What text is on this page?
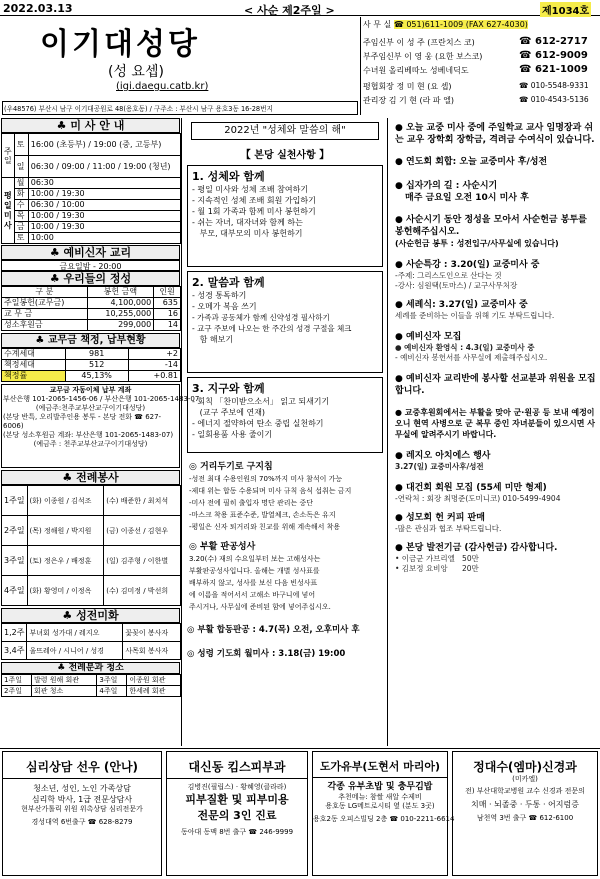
2022.03.13	< 사순 제2주일 >	제1034호
이기대성당
(성 요셉)
(igi.daegu.catb.kr)
(우48576) 부산시 남구 이기대공원로 48(용호동) / 구주소 : 부산시 남구 용호3동 16-28번지
사 무 실 ☎ 051)611-1009 (FAX 627-4030)
주임신부 이 성 주 (프란치스 코)	☎ 612-2717
부주임신부 이 영 웅 (요한 보스코)	☎ 612-9009
수녀원 올리베따노 성베네딕도	☎ 621-1009
평협회장 정 미 현 (요 셉)	☎ 010-5548-9331
관리장 김 기 현 (라 파 엘)	☎ 010-4543-5136
♣ 미 사 안 내
주일	토	16:00 (초등부) / 19:00 (중, 고등부)
	일	06:30 / 09:00 / 11:00 / 19:00 (청년)
평일미사	월	06:30
	화	10:00 / 19:30
	수	06:30 / 10:00
	목	10:00 / 19:30
	금	10:00 / 19:30
	토	10:00
♣ 예비신자 교리
금요일밤 - 20:00
♣ 우리들의 정성
구 분	봉헌 금액	인원
주일봉헌(교무금)	4,100,000	635
교 무 금	10,255,000	16
성소후원금	299,000	14
♣ 교무금 책정, 납부현황
수계세대	981	+2
책정세대	512	-14
책정률	45,13%	+0.81
교무금 자동이체 납부 계좌
부산은행 101-2065-1456-06 / 부산은행 101-2065-1483-07
(예금주:천주교부산교구이기대성당)
(본당 반특, 오리발주인용 봉투 - 본당 전화 ☎ 627-6006)
(본당 성소후원금 계좌: 부산은행 101-2065-1483-07)
(예금주 : 천주교부산교구이기대성당)
♣ 전례봉사
1주일	(화) 이종원 / 김석조	(수) 배준한 / 최치석
2주일	(목) 정해원 / 박지원	(금) 이종선 / 김현우
3주일	(토) 정은우 / 배정훈	(일) 김주형 / 이한별
4주일	(화) 황영미 / 이정옥	(수) 김미정 / 박선희
♣ 성전미화
1,2주	부녀회 성가대 / 레지오	꽃꽂이 봉사자
3,4주	울뜨레아 / 시니어 / 성경	사목회 봉사자
♣ 전례분과 청소
1주일	발령 원해 회관	3주일	이종원 회관
2주일	회관 청소	4주일	한세례 회관
2022년 "성체와 말씀의 해"
【 본당 실천사항 】
1. 성체와 함께
- 평일 미사와 성체 조배 참여하기
- 지속적인 성체 조배 회원 가입하기
- 월 1회 가족과 함께 미사 봉헌하기
- 쉬는 자녀, 대자녀와 함께 하는
부모, 대부모의 미사 봉헌하기
2. 말씀과 함께
- 성경 통독하기
- 오메가 복음 쓰기
- 가족과 공동체가 함께 신약성경 필사하기
- 교구 주보에 나오는 한 주간의 성경 구절을 체크
함 해보기
3. 지구와 함께
- 회칙 「찬미받으소서」 읽고 되새기기
(교구 주보에 연재)
- 에너지 절약하여 탄소 중립 실천하기
- 일회용품 사용 줄이기
◎ 거리두기로 구지침
-성전 최대 수용인원의 70%까지 미사 참석이 가능
-제대 위는 합동 수용되며 미사 규칙 음식 섭취는 금지
-미사 전에 필히 출입자 명단 관리는 중단
-마스크 착용 표준수준, 발열체크, 손소독은 유지
-평일은 신자 퇴거리와 친교를 위해 계속해서 착용
◎ 부활 판공성사
3.20(수) 재의 수요일부터 보는 고해성사는
부활판공성사입니다. 올해는 개별 성사표를
배부하지 않고, 성사를 보신 다음 빈성사표
에 이름을 적어서서 고해소 바구니에 넣어
주시거나, 사무실에 준비된 함에 넣어주십시오.
◎ 부활 합동판공 : 4.7(목) 오전, 오후미사 후
◎ 성령 기도회 월미사 : 3.18(금) 19:00
● 오늘 교중 미사 중에 주일학교 교사 임명장과 쉬는 교우 장학회 장학금, 격려금 수여식이 있습니다.
● 연도회 회합: 오늘 교중미사 후/성전
● 십자가의 길 : 사순시기
매주 금요일 오전 10시 미사 후
● 사순시기 동안 정성을 모아서 사순헌금 봉투를 봉헌해주십시오.
(사순헌금 봉투 : 성전입구/사무실에 있습니다)
● 사순특강 : 3.20(일) 교중미사 중
-주제: 그리스도인으로 산다는 것
-강사: 심원택(토마스) / 교구사무처장
● 세례식: 3.27(일) 교중미사 중
세례를 준비하는 이들을 위해 기도 부탁드립니다.
● 예비신자 모집
● 예비신자 환영식 : 4.3(일) 교중미사 중
- 예비신자 봉헌서를 사무실에 제출해주십시오.
● 예비신자 교리반에 봉사할 선교분과 위원을 모집합니다.
● 교중후원회에서는 부활을 맞아 군·원공 등 보내 예정이오니 현역 사병으로 군 복무 중인 자녀분들이 있으시면 사무실에 알려주시기 바랍니다.
● 레지오 아치에스 행사
3.27(일) 교중미사후/성전
● 대건회 회원 모집 (55세 미만 형제)
-연락처 : 회장 최명준(도미니코) 010-5499-4904
● 성모회 헌 커피 판매
-많은 관심과 협조 부탁드립니다.
● 본당 발전기금 (감사헌금) 감사합니다.
• 이금군 가브리엘   50만
• 김보정 요비앙      20만
심리상담 선우 (안나)
청소년, 성인, 노인 가족상담
심리학 박사, 1급 전문상담사
현부산가톨릭 위원 위촉상담 심리전문가
경성대역 6번출구 ☎ 628-8279
대신동 킴스피부과
김병진(필립스) · 황혜영(클라라)
피부질환 및 피부미용
전문의 3인 진료
동아대 동맥 8번 출구 ☎ 246-9999
도가유부(도현서 마리아)
각종 유부초밥 및 충무김밥
추천메뉴: 참쌀 새알 수제비
용호동 LG메트로시티 옆 (분도 3곳)
용호2동 오피스빌딩 2층 ☎ 010-2211-6614
정대수(엠마)신경과
(미카엘)
전) 부산대학교병원 교수 신경과 전문의
치매 · 뇌졸중 · 두통 · 어지럼증
남천역 3번 출구 ☎ 612-6100
